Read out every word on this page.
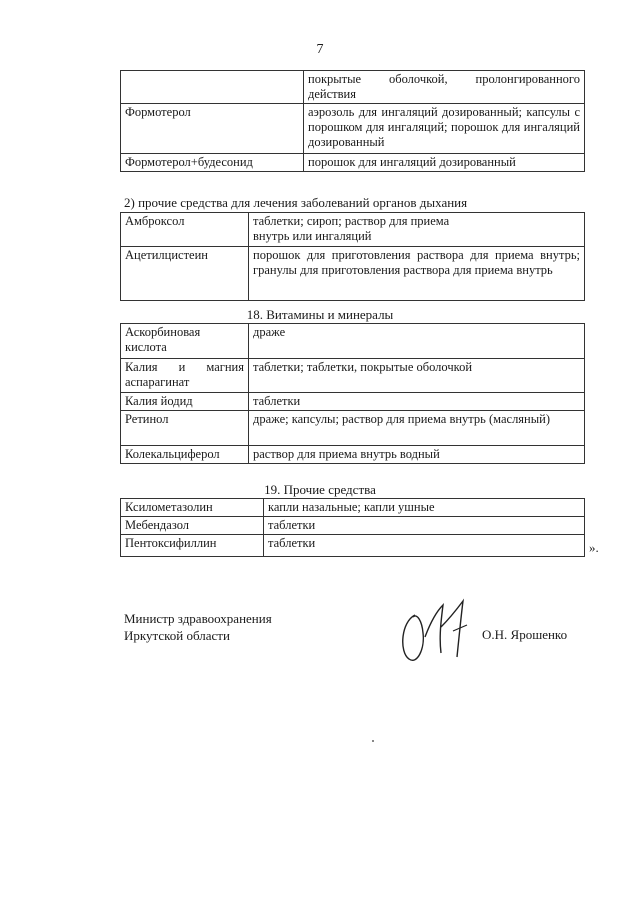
7
	покрытые оболочкой, пролонгированного действия
Формотерол	аэрозоль для ингаляций дозированный; капсулы с порошком для ингаляций; порошок для ингаляций дозированный
Формотерол+будесонид	порошок для ингаляций дозированный
2) прочие средства для лечения заболеваний органов дыхания
Амброксол	таблетки; сироп; раствор для приема внутрь или ингаляций
Ацетилцистеин	порошок для приготовления раствора для приема внутрь; гранулы для приготовления раствора для приема внутрь
18. Витамины и минералы
Аскорбиновая кислота	драже
Калия и магния аспарагинат	таблетки; таблетки, покрытые оболочкой
Калия йодид	таблетки
Ретинол	драже; капсулы; раствор для приема внутрь (масляный)
Колекальциферол	раствор для приема внутрь водный
19. Прочие средства
Ксилометазолин	капли назальные; капли ушные
Мебендазол	таблетки
Пентоксифиллин	таблетки	».
Министр здравоохранения
Иркутской области	О.Н. Ярошенко
